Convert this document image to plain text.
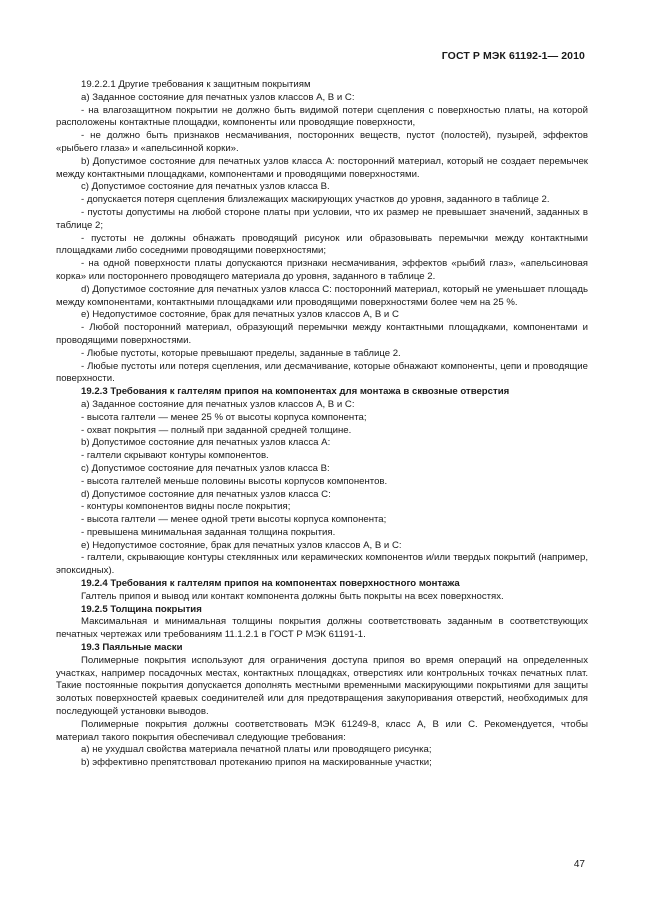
ГОСТ Р МЭК 61192-1— 2010

19.2.2.1 Другие требования к защитным покрытиям

а) Заданное состояние для печатных узлов классов А, В и С:

- на влагозащитном покрытии не должно быть видимой потери сцепления c поверхностью платы, на которой расположены контактные площадки, компоненты или проводящие поверхности,

- не должно быть признаков несмачивания, посторонних веществ, пустот (полостей), пузырей, эффектов «рыбьего глаза» и «апельсинной корки».

b) Допустимое состояние для печатных узлов класса А: посторонний материал, который не создает перемычек между контактными площадками, компонентами и проводящими поверхностями.

c) Допустимое состояние для печатных узлов класса В.

- допускается потеря сцепления близлежащих маскирующих участков до уровня, заданного в таблице 2.

- пустоты допустимы на любой стороне платы при условии, что их размер не превышает значений, заданных в таблице 2;

- пустоты не должны обнажать проводящий рисунок или образовывать перемычки между контактными площадками либо соседними проводящими поверхностями;

- на одной поверхности платы допускаются признаки несмачивания, эффектов «рыбий глаз», «апельсиновая корка» или постороннего проводящего материала до уровня, заданного в таблице 2.

d) Допустимое состояние для печатных узлов класса С: посторонний материал, который не уменьшает площадь между компонентами, контактными площадками или проводящими поверхностями более чем на 25 %.

е) Недопустимое состояние, брак для печатных узлов классов А, В и С

- Любой посторонний материал, образующий перемычки между контактными площадками, компонентами и проводящими поверхностями.

- Любые пустоты, которые превышают пределы, заданные в таблице 2.

- Любые пустоты или потеря сцепления, или десмачивание, которые обнажают компоненты, цепи и проводящие поверхности.

19.2.3 Требования к галтелям припоя на компонентах для монтажа в сквозные отверстия

а) Заданное состояние для печатных узлов классов А, В и С:

- высота галтели — менее 25 % от высоты корпуса компонента;

- охват покрытия — полный при заданной средней толщине.

b) Допустимое состояние для печатных узлов класса А:

- галтели скрывают контуры компонентов.

c) Допустимое состояние для печатных узлов класса В:

- высота галтелей меньше половины высоты корпусов компонентов.

d) Допустимое состояние для печатных узлов класса С:

- контуры компонентов видны после покрытия;

- высота галтели — менее одной трети высоты корпуса компонента;

- превышена минимальная заданная толщина покрытия.

е) Недопустимое состояние, брак для печатных узлов классов А, В и С:

- галтели, скрывающие контуры стеклянных или керамических компонентов и/или твердых покрытий (например, эпоксидных).

19.2.4 Требования к галтелям припоя на компонентах поверхностного монтажа

Галтель припоя и вывод или контакт компонента должны быть покрыты на всех поверхностях.

19.2.5 Толщина покрытия

Максимальная и минимальная толщины покрытия должны соответствовать заданным в соответствующих печатных чертежах или требованиям 11.1.2.1 в ГОСТ Р МЭК 61191-1.

19.3 Паяльные маски

Полимерные покрытия используют для ограничения доступа припоя во время операций на определенных участках, например посадочных местах, контактных площадках, отверстиях или контрольных точках печатных плат. Такие постоянные покрытия допускается дополнять местными временными маскирующими покрытиями для защиты золотых поверхностей краевых соединителей или для предотвращения закупоривания отверстий, необходимых для последующей установки выводов.

Полимерные покрытия должны соответствовать МЭК 61249-8, класс А, В или С. Рекомендуется, чтобы материал такого покрытия обеспечивал следующие требования:

а) не ухудшал свойства материала печатной платы или проводящего рисунка;

b) эффективно препятствовал протеканию припоя на маскированные участки;

47
